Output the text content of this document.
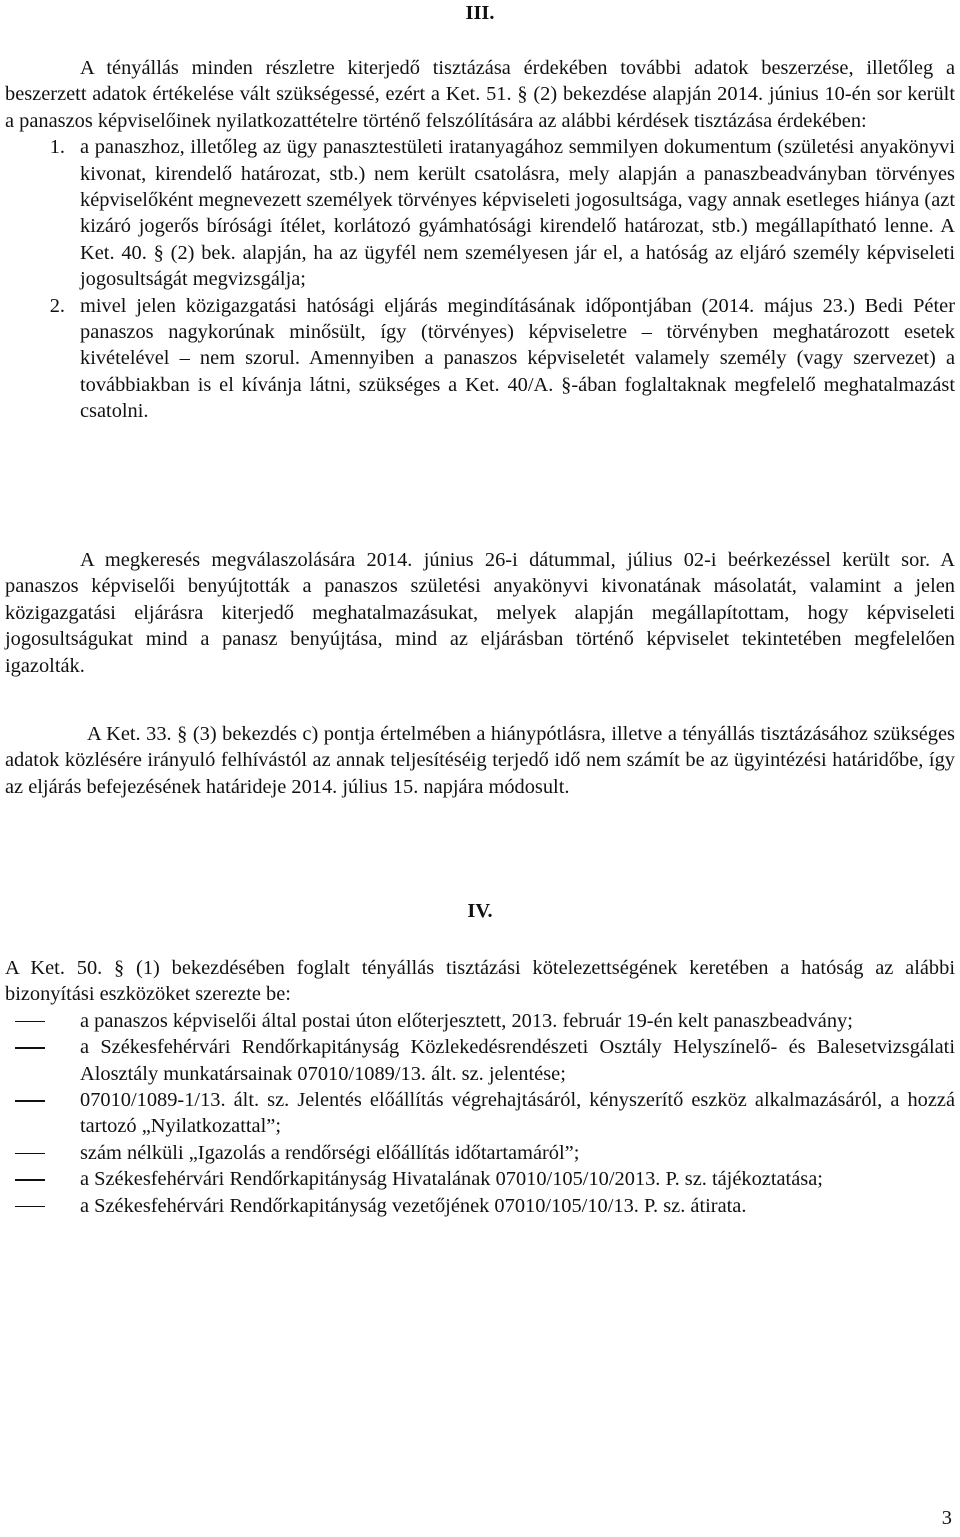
III.

A tényállás minden részletre kiterjedő tisztázása érdekében további adatok beszerzése, illetőleg a beszerzett adatok értékelése vált szükségessé, ezért a Ket. 51. § (2) bekezdése alapján 2014. június 10-én sor került a panaszos képviselőinek nyilatkozattételre történő felszólítására az alábbi kérdések tisztázása érdekében:

1. a panaszhoz, illetőleg az ügy panasztestületi iratanyagához semmilyen dokumentum (születési anyakönyvi kivonat, kirendelő határozat, stb.) nem került csatolásra, mely alapján a panaszbeadványban törvényes képviselőként megnevezett személyek törvényes képviseleti jogosultsága, vagy annak esetleges hiánya (azt kizáró jogerős bírósági ítélet, korlátozó gyámhatósági kirendelő határozat, stb.) megállapítható lenne. A Ket. 40. § (2) bek. alapján, ha az ügyfél nem személyesen jár el, a hatóság az eljáró személy képviseleti jogosultságát megvizsgálja;
2. mivel jelen közigazgatási hatósági eljárás megindításának időpontjában (2014. május 23.) Bedi Péter panaszos nagykorúnak minősült, így (törvényes) képviseletre – törvényben meghatározott esetek kivételével – nem szorul. Amennyiben a panaszos képviseletét valamely személy (vagy szervezet) a továbbiakban is el kívánja látni, szükséges a Ket. 40/A. §-ában foglaltaknak megfelelő meghatalmazást csatolni.

A megkeresés megválaszolására 2014. június 26-i dátummal, július 02-i beérkezéssel került sor. A panaszos képviselői benyújtották a panaszos születési anyakönyvi kivonatának másolatát, valamint a jelen közigazgatási eljárásra kiterjedő meghatalmazásukat, melyek alapján megállapítottam, hogy képviseleti jogosultságukat mind a panasz benyújtása, mind az eljárásban történő képviselet tekintetében megfelelően igazolták.

A Ket. 33. § (3) bekezdés c) pontja értelmében a hiánypótlásra, illetve a tényállás tisztázásához szükséges adatok közlésére irányuló felhívástól az annak teljesítéséig terjedő idő nem számít be az ügyintézési határidőbe, így az eljárás befejezésének határideje 2014. július 15. napjára módosult.

IV.

A Ket. 50. § (1) bekezdésében foglalt tényállás tisztázási kötelezettségének keretében a hatóság az alábbi bizonyítási eszközöket szerezte be:

a panaszos képviselői által postai úton előterjesztett, 2013. február 19-én kelt panaszbeadvány;
a Székesfehérvári Rendőrkapitányság Közlekedésrendészeti Osztály Helyszínelő- és Balesetvizsgálati Alosztály munkatársainak 07010/1089/13. ált. sz. jelentése;
07010/1089-1/13. ált. sz. Jelentés előállítás végrehajtásáról, kényszerítő eszköz alkalmazásáról, a hozzá tartozó „Nyilatkozattal”;
szám nélküli „Igazolás a rendőrségi előállítás időtartamáról”;
a Székesfehérvári Rendőrkapitányság Hivatalának 07010/105/10/2013. P. sz. tájékoztatása;
a Székesfehérvári Rendőrkapitányság vezetőjének 07010/105/10/13. P. sz. átirata.
3
